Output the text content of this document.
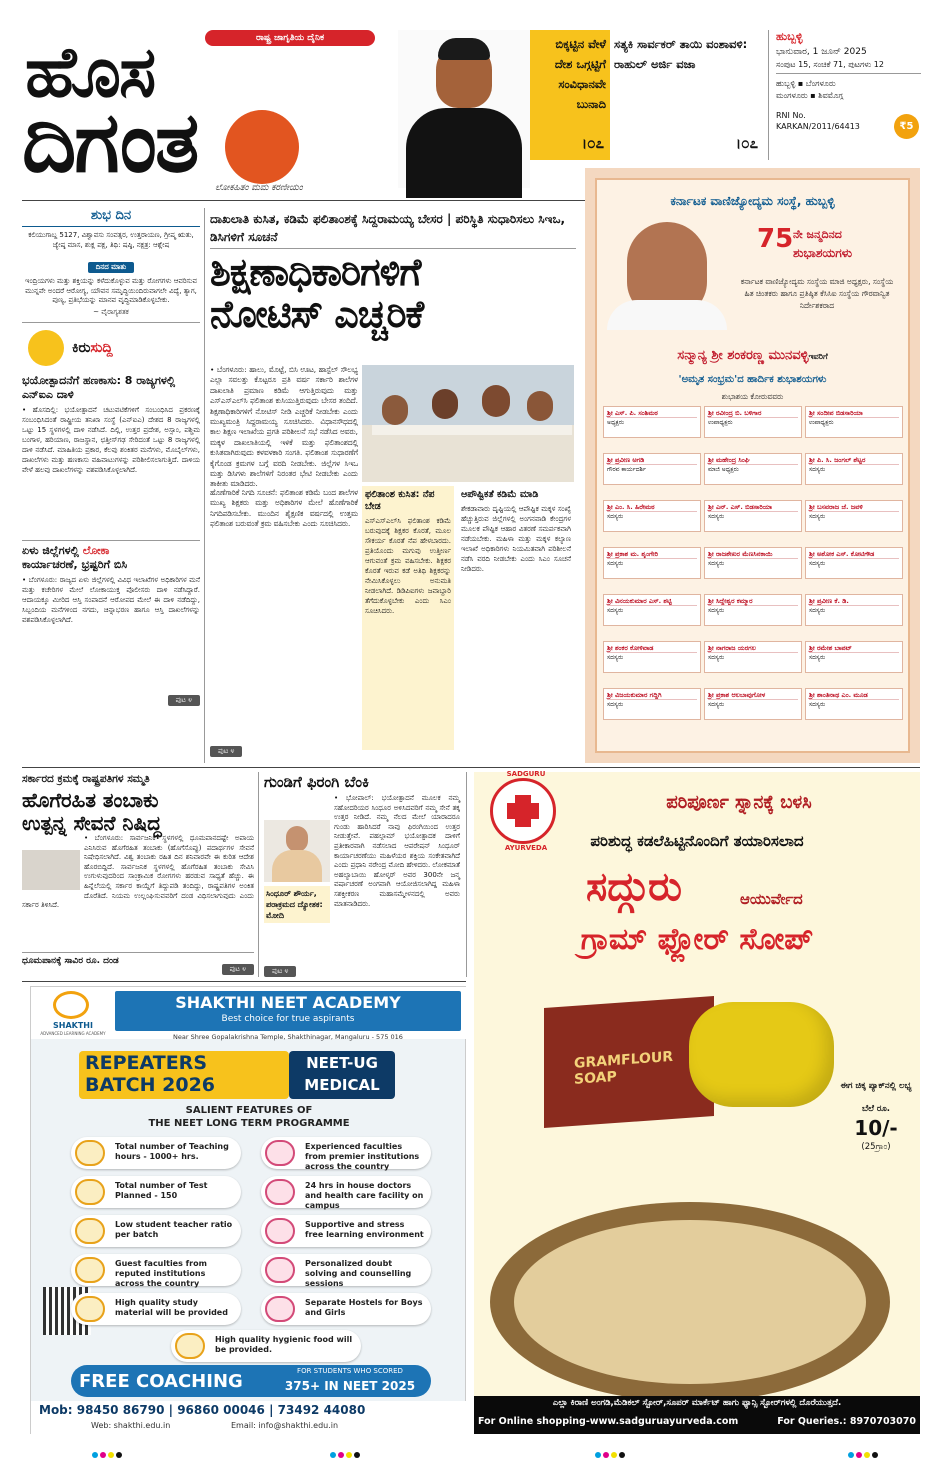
ರಾಷ್ಟ್ರ ಜಾಗೃತಿಯ ದೈನಿಕ
ಹೊಸ
ದಿಗಂತ ಲೋಕಹಿತಂ ಮಮ ಕರಣೀಯಂ
ಬಿಕ್ಕಟ್ಟಿನ ವೇಳೆ ದೇಶ ಒಗ್ಗಟ್ಟಿಗೆ ಸಂವಿಧಾನವೇ ಬುನಾದಿ
।೦೭
ಸತ್ಯಕಿ ಸಾರ್ವಕರ್ ತಾಯಿ ವಂಶಾವಳಿ: ರಾಹುಲ್ ಅರ್ಜಿ ವಜಾ
।೦೭
ಹುಬ್ಬಳ್ಳಿ
ಭಾನುವಾರ, 1 ಜೂನ್ 2025
ಸಂಪುಟ 15, ಸಂಚಿಕೆ 71, ಪುಟಗಳು 12
ಹುಬ್ಬಳ್ಳಿ ▪ ಬೆಂಗಳೂರು
ಮಂಗಳೂರು ▪ ಶಿವಮೊಗ್ಗ
₹5
RNI No. KARKAN/2011/64413
ಶುಭ ದಿನ
ಕಲಿಯುಗಾಬ್ದ 5127, ವಿಶ್ವಾವಸು ಸಂವತ್ಸರ, ಉತ್ತರಾಯಣ, ಗ್ರೀಷ್ಮ ಋತು, ಜ್ಯೇಷ್ಠ ಮಾಸ, ಶುಕ್ಲ ಪಕ್ಷ, ತಿಥಿ: ಷಷ್ಠಿ, ನಕ್ಷತ್ರ: ಆಶ್ಲೇಷ
ದಿನದ ಮಾತು
ಇಂದ್ರಿಯಗಳು ಮತ್ತು ಶಕ್ತಿಯನ್ನು ಕಳೆದುಕೊಳ್ಳುವ ಮತ್ತು ರೋಗಗಳು ಆವರಿಸುವ ಮುನ್ನವೇ ಅಂದರೆ ಆರೋಗ್ಯ, ಯೌವನ ಸಮೃದ್ಧಿಯಿಂದಿರುವಾಗಲೇ ವಿದ್ಯೆ, ತ್ಯಾಗ, ಪುಣ್ಯ, ಪ್ರತಿಭೆಯನ್ನು ಮಾನವ ವೃದ್ಧಿಮಾಡಿಕೊಳ್ಳಬೇಕು.
~ ವೈರಾಗ್ಯಶತಕ
ಕಿರುಸುದ್ದಿ
ಭಯೋತ್ಪಾದನೆಗೆ ಹಣಕಾಸು: 8 ರಾಜ್ಯಗಳಲ್ಲಿ ಎನ್‌ಐಎ ದಾಳಿ
• ಹೊಸದಿಲ್ಲಿ: ಭಯೋತ್ಪಾದನೆ ಚಟುವಟಿಕೆಗಳಿಗೆ ಸಂಬಂಧಿಸಿದ ಪ್ರಕರಣಕ್ಕೆ ಸಂಬಂಧಿಸಿದಂತೆ ರಾಷ್ಟ್ರೀಯ ತನಿಖಾ ಸಂಸ್ಥೆ (ಎನ್‌ಐಎ) ದೇಶದ 8 ರಾಜ್ಯಗಳಲ್ಲಿ ಒಟ್ಟು 15 ಸ್ಥಳಗಳಲ್ಲಿ ದಾಳಿ ನಡೆಸಿದೆ. ದಿಲ್ಲಿ, ಉತ್ತರ ಪ್ರದೇಶ, ಅಸ್ಸಾಂ, ಪಶ್ಚಿಮ ಬಂಗಾಳ, ಹರಿಯಾಣ, ರಾಜಸ್ಥಾನ, ಛತ್ತೀಸ್‌ಗಢ ಸೇರಿದಂತೆ ಒಟ್ಟು 8 ರಾಜ್ಯಗಳಲ್ಲಿ ದಾಳಿ ನಡೆಸಿದೆ. ಮಾಹಿತಿಯ ಪ್ರಕಾರ, ಕೆಲವು ಶಂಕಿತರ ಮನೆಗಳು, ಮೊಬೈಲ್‌ಗಳು, ದಾಖಲೆಗಳು ಮತ್ತು ಹಣಕಾಸು ವಹಿವಾಟುಗಳನ್ನು ಪರಿಶೀಲಿಸಲಾಗುತ್ತಿದೆ. ದಾಳಿಯ ವೇಳೆ ಹಲವು ದಾಖಲೆಗಳನ್ನು ವಶಪಡಿಸಿಕೊಳ್ಳಲಾಗಿದೆ.
ಏಳು ಜಿಲ್ಲೆಗಳಲ್ಲಿ ಲೋಕಾ
ಕಾರ್ಯಾಚರಣೆ, ಭ್ರಷ್ಟರಿಗೆ ಬಿಸಿ
• ಬೆಂಗಳೂರು: ರಾಜ್ಯದ ಏಳು ಜಿಲ್ಲೆಗಳಲ್ಲಿ ವಿವಿಧ ಇಲಾಖೆಗಳ ಅಧಿಕಾರಿಗಳ ಮನೆ ಮತ್ತು ಕಚೇರಿಗಳ ಮೇಲೆ ಲೋಕಾಯುಕ್ತ ಪೊಲೀಸರು ದಾಳಿ ನಡೆಸಿದ್ದಾರೆ. ಆದಾಯಕ್ಕೂ ಮೀರಿದ ಆಸ್ತಿ ಸಂಪಾದನೆ ಆರೋಪದ ಮೇಲೆ ಈ ದಾಳಿ ನಡೆದಿದ್ದು, ಸಿಬ್ಬಂದಿಯ ಮನೆಗಳಿಂದ ನಗದು, ಚಿನ್ನಾಭರಣ ಹಾಗೂ ಆಸ್ತಿ ದಾಖಲೆಗಳನ್ನು ವಶಪಡಿಸಿಕೊಳ್ಳಲಾಗಿದೆ.
ಪುಟ ೪
ದಾಖಲಾತಿ ಕುಸಿತ, ಕಡಿಮೆ ಫಲಿತಾಂಶಕ್ಕೆ ಸಿದ್ದರಾಮಯ್ಯ ಬೇಸರ | ಪರಿಸ್ಥಿತಿ ಸುಧಾರಿಸಲು ಸಿಇಒ, ಡಿಸಿಗಳಿಗೆ ಸೂಚನೆ
ಶಿಕ್ಷಣಾಧಿಕಾರಿಗಳಿಗೆ
ನೋಟಿಸ್ ಎಚ್ಚರಿಕೆ
• ಬೆಂಗಳೂರು: ಹಾಲು, ಮೊಟ್ಟೆ, ಬಿಸಿ ಊಟ, ಹಾಸ್ಟೆಲ್ ಸೌಲಭ್ಯ ಎಲ್ಲಾ ಸವಲತ್ತು ಕೊಟ್ಟರೂ ಪ್ರತಿ ವರ್ಷ ಸರ್ಕಾರಿ ಶಾಲೆಗಳ ದಾಖಲಾತಿ ಪ್ರಮಾಣ ಕಡಿಮೆ ಆಗುತ್ತಿರುವುದು ಮತ್ತು ಎಸ್‌ಎಸ್‌ಎಲ್‌ಸಿ ಫಲಿತಾಂಶ ಕುಸಿಯುತ್ತಿರುವುದು ಬೇಸರ ತಂದಿದೆ. ಶಿಕ್ಷಣಾಧಿಕಾರಿಗಳಿಗೆ ನೋಟಿಸ್ ನೀಡಿ ಎಚ್ಚರಿಕೆ ನೀಡಬೇಕು ಎಂದು ಮುಖ್ಯಮಂತ್ರಿ ಸಿದ್ದರಾಮಯ್ಯ ಸೂಚಿಸಿದರು. ವಿಧಾನಸೌಧದಲ್ಲಿ ಕಾಲ ಶಿಕ್ಷಣ ಇಲಾಖೆಯ ಪ್ರಗತಿ ಪರಿಶೀಲನೆ ಸಭೆ ನಡೆಸಿದ ಅವರು, ಮಕ್ಕಳ ದಾಖಲಾತಿಯಲ್ಲಿ ಇಳಿಕೆ ಮತ್ತು ಫಲಿತಾಂಶದಲ್ಲಿ ಕುಸಿತವಾಗಿರುವುದು ಕಳವಳಕಾರಿ ಸಂಗತಿ. ಫಲಿತಾಂಶ ಸುಧಾರಣೆಗೆ ಕೈಗೊಂಡ ಕ್ರಮಗಳ ಬಗ್ಗೆ ವರದಿ ನೀಡಬೇಕು. ಜಿಲ್ಲೆಗಳ ಸಿಇಒ ಮತ್ತು ಡಿಸಿಗಳು ಶಾಲೆಗಳಿಗೆ ನಿರಂತರ ಭೇಟಿ ನೀಡಬೇಕು ಎಂದು ತಾಕೀತು ಮಾಡಿದರು.
ಹೊಣೆಗಾರಿಕೆ ನಿಗದಿ ಸೂಚನೆ: ಫಲಿತಾಂಶ ಕಡಿಮೆ ಬಂದ ಶಾಲೆಗಳ ಮುಖ್ಯ ಶಿಕ್ಷಕರು ಮತ್ತು ಅಧಿಕಾರಿಗಳ ಮೇಲೆ ಹೊಣೆಗಾರಿಕೆ ನಿಗದಿಪಡಿಸಬೇಕು. ಮುಂದಿನ ಶೈಕ್ಷಣಿಕ ವರ್ಷದಲ್ಲಿ ಉತ್ತಮ ಫಲಿತಾಂಶ ಬರುವಂತೆ ಕ್ರಮ ವಹಿಸಬೇಕು ಎಂದು ಸೂಚಿಸಿದರು.
ಪುಟ ೪
ಫಲಿತಾಂಶ ಕುಸಿತ: ನೆಪ ಬೇಡ
ಎಸ್‌ಎಸ್‌ಎಲ್‌ಸಿ ಫಲಿತಾಂಶ ಕಡಿಮೆ ಬರುವುದಕ್ಕೆ ಶಿಕ್ಷಕರ ಕೊರತೆ, ಮೂಲ ಸೌಕರ್ಯ ಕೊರತೆ ನೆಪ ಹೇಳಬಾರದು. ಪ್ರತಿಯೊಂದು ಮಗುವು ಉತ್ತೀರ್ಣ ಆಗುವಂತೆ ಕ್ರಮ ವಹಿಸಬೇಕು. ಶಿಕ್ಷಕರ ಕೊರತೆ ಇರುವ ಕಡೆ ಅತಿಥಿ ಶಿಕ್ಷಕರನ್ನು ನೇಮಿಸಿಕೊಳ್ಳಲು ಅನುಮತಿ ನೀಡಲಾಗಿದೆ. ಡಿಡಿಪಿಐಗಳು ಜವಾಬ್ದಾರಿ ತೆಗೆದುಕೊಳ್ಳಬೇಕು ಎಂದು ಸಿಎಂ ಸೂಚಿಸಿದರು.
ಆಪೌಷ್ಟಿಕತೆ ಕಡಿಮೆ ಮಾಡಿ
ಶೇಕಡಾವಾರು ದೃಷ್ಟಿಯಲ್ಲಿ ಆಪೌಷ್ಟಿಕ ಮಕ್ಕಳ ಸಂಖ್ಯೆ ಹೆಚ್ಚುತ್ತಿರುವ ಜಿಲ್ಲೆಗಳಲ್ಲಿ ಅಂಗನವಾಡಿ ಕೇಂದ್ರಗಳ ಮೂಲಕ ಪೌಷ್ಟಿಕ ಆಹಾರ ವಿತರಣೆ ಸಮರ್ಪಕವಾಗಿ ನಡೆಯಬೇಕು. ಮಹಿಳಾ ಮತ್ತು ಮಕ್ಕಳ ಕಲ್ಯಾಣ ಇಲಾಖೆ ಅಧಿಕಾರಿಗಳು ನಿಯಮಿತವಾಗಿ ಪರಿಶೀಲನೆ ನಡೆಸಿ ವರದಿ ನೀಡಬೇಕು ಎಂದು ಸಿಎಂ ಸೂಚನೆ ನೀಡಿದರು.
ಕರ್ನಾಟಕ ವಾಣಿಜ್ಯೋದ್ಯಮ ಸಂಸ್ಥೆ, ಹುಬ್ಬಳ್ಳಿ
75 ನೇ ಜನ್ಮದಿನದ
ಶುಭಾಶಯಗಳು
ಕರ್ನಾಟಕ ವಾಣಿಜ್ಯೋದ್ಯಮ ಸಂಸ್ಥೆಯ ಮಾಜಿ ಅಧ್ಯಕ್ಷರು, ಸಂಸ್ಥೆಯ ಹಿತ ಚಿಂತಕರು ಹಾಗೂ ಪ್ರತಿಷ್ಠಿತ ಕೆಸಿಸಿಐ ಸಂಸ್ಥೆಯ ಗೌರವಾನ್ವಿತ ನಿರ್ದೇಶಕರಾದ
ಸನ್ಮಾನ್ಯ ಶ್ರೀ ಶಂಕರಣ್ಣ ಮುನವಳ್ಳಿಇವರಿಗೆ
'ಅಮೃತ ಸಂಭ್ರಮ'ದ ಹಾರ್ದಿಕ ಶುಭಾಶಯಗಳು
ಶುಭಾಶಯ ಕೋರುವವರು
ಶ್ರೀ ಎಸ್. ಪಿ. ಸಂಶಿಮಠ
ಅಧ್ಯಕ್ಷರು
ಶ್ರೀ ರವೀಂದ್ರ ಬಿ. ಬಳಿಗಾರ
ಉಪಾಧ್ಯಕ್ಷರು
ಶ್ರೀ ಸಂದೀಪ ಬಿಡಸಾರಿಯಾ
ಉಪಾಧ್ಯಕ್ಷರು
ಶ್ರೀ ಪ್ರವೀಣ ಅಗಡಿ
ಗೌರವ ಕಾರ್ಯದರ್ಶಿ
ಶ್ರೀ ಮಹೇಂದ್ರ ಸಿಂಘಿ
ಮಾಜಿ ಅಧ್ಯಕ್ಷರು
ಶ್ರೀ ಪಿ. ಸಿ. ಜಂಗಲ್ ಶೆಟ್ಟರ
ಸದಸ್ಯರು
ಶ್ರೀ ಎಂ. ಸಿ. ಹಿರೇಮಠ
ಸದಸ್ಯರು
ಶ್ರೀ ಎನ್. ಎಸ್. ಬಿಡಸಾರಿಯಾ
ಸದಸ್ಯರು
ಶ್ರೀ ಬಸವರಾಜ ಜೆ. ಜವಳಿ
ಸದಸ್ಯರು
ಶ್ರೀ ಪ್ರಕಾಶ ಮ. ಶೃಂಗೇರಿ
ಸದಸ್ಯರು
ಶ್ರೀ ರಾಜಶೇಖರ ಮೆಣಸಿನಕಾಯಿ
ಸದಸ್ಯರು
ಶ್ರೀ ಅಶೋಕ ಎಸ್. ಕೋಟಿಗೌಡ
ಸದಸ್ಯರು
ಶ್ರೀ ವಿನಯಕುಮಾರ ಎಸ್. ಶಟ್ಟಿ
ಸದಸ್ಯರು
ಶ್ರೀ ಸಿದ್ದೇಶ್ವರ ಕಮ್ಮಾರ
ಸದಸ್ಯರು
ಶ್ರೀ ಪ್ರವೀಣ ಕೆ. ಡಿ.
ಸದಸ್ಯರು
ಶ್ರೀ ಶಂಕರ ಕೋಳಿವಾಡ
ಸದಸ್ಯರು
ಶ್ರೀ ನಾಗರಾಜ ಯರಗಲ
ಸದಸ್ಯರು
ಶ್ರೀ ರಮೇಶ ಬಾಪಟ್
ಸದಸ್ಯರು
ಶ್ರೀ ವಿಜಯಕುಮಾರ ಗದ್ದಿಗಿ
ಸದಸ್ಯರು
ಶ್ರೀ ಪ್ರಕಾಶ ಆಲಬಾವುಗೋಳ
ಸದಸ್ಯರು
ಶ್ರೀ ಶಾಂತಿನಾಥ ಎಂ. ಮೂಡ
ಸದಸ್ಯರು
ಸರ್ಕಾರದ ಕ್ರಮಕ್ಕೆ ರಾಷ್ಟ್ರಪತಿಗಳ ಸಮ್ಮತಿ
ಹೊಗೆರಹಿತ ತಂಬಾಕು
ಉತ್ಪನ್ನ ಸೇವನೆ ನಿಷಿದ್ಧ
• ಬೆಂಗಳೂರು: ಸಾರ್ವಜನಿಕ ಸ್ಥಳಗಳಲ್ಲಿ ಧೂಮಪಾನದಷ್ಟೇ ಅಪಾಯ ಎನಿಸಿರುವ ಹೊಗೆರಹಿತ ತಂಬಾಕು (ಹೊಗೆಸೊಪ್ಪು) ಪದಾರ್ಥಗಳ ಸೇವನೆ ನಿಷೇಧಿಸಲಾಗಿದೆ. ವಿಶ್ವ ತಂಬಾಕು ರಹಿತ ದಿನ ಶನಿವಾರವೇ ಈ ಕುರಿತ ಆದೇಶ ಹೊರಬಿದ್ದಿದೆ. ಸಾರ್ವಜನಿಕ ಸ್ಥಳಗಳಲ್ಲಿ ಹೊಗೆರಹಿತ ತಂಬಾಕು ಸೇವಿಸಿ ಉಗುಳುವುದರಿಂದ ಸಾಂಕ್ರಾಮಿಕ ರೋಗಗಳು ಹರಡುವ ಸಾಧ್ಯತೆ ಹೆಚ್ಚು. ಈ ಹಿನ್ನೆಲೆಯಲ್ಲಿ ಸರ್ಕಾರ ಕಾಯ್ದೆಗೆ ತಿದ್ದುಪಡಿ ತಂದಿದ್ದು, ರಾಷ್ಟ್ರಪತಿಗಳ ಅಂಕಿತ ದೊರೆತಿದೆ. ನಿಯಮ ಉಲ್ಲಂಘಿಸುವವರಿಗೆ ದಂಡ ವಿಧಿಸಲಾಗುವುದು ಎಂದು ಸರ್ಕಾರ ತಿಳಿಸಿದೆ.
ಧೂಮಪಾನಕ್ಕೆ ಸಾವಿರ ರೂ. ದಂಡ
ಪುಟ ೪
ಗುಂಡಿಗೆ ಫಿರಂಗಿ ಬೆಂಕಿ
• ಭೋಪಾಲ್: ಭಯೋತ್ಪಾದನೆ ಮೂಲಕ ನಮ್ಮ ಸಹೋದರಿಯರ ಸಿಂಧೂರ ಅಳಿಸಿದವರಿಗೆ ನಮ್ಮ ಸೇನೆ ತಕ್ಕ ಉತ್ತರ ನೀಡಿದೆ. ನಮ್ಮ ನೆಲದ ಮೇಲೆ ಯಾರಾದರೂ ಗುಂಡು ಹಾರಿಸಿದರೆ ನಾವು ಫಿರಂಗಿಯಿಂದ ಉತ್ತರ ನೀಡುತ್ತೇವೆ. ಪಹಲ್ಗಾಮ್ ಭಯೋತ್ಪಾದಕ ದಾಳಿಗೆ ಪ್ರತೀಕಾರವಾಗಿ ನಡೆಸಲಾದ ಆಪರೇಷನ್ ಸಿಂಧೂರ್ ಕಾರ್ಯಾಚರಣೆಯು ಮಹಿಳೆಯರ ಶಕ್ತಿಯ ಸಂಕೇತವಾಗಿದೆ ಎಂದು ಪ್ರಧಾನಿ ನರೇಂದ್ರ ಮೋದಿ ಹೇಳಿದರು. ಲೋಕಮಾತೆ ಅಹಲ್ಯಾಬಾಯಿ ಹೋಳ್ಕರ್ ಅವರ 300ನೇ ಜನ್ಮ ವರ್ಷಾಚರಣೆ ಅಂಗವಾಗಿ ಆಯೋಜಿಸಲಾಗಿದ್ದ ಮಹಿಳಾ ಸಶಕ್ತೀಕರಣ ಮಹಾಸಮ್ಮೇಳನದಲ್ಲಿ ಅವರು ಮಾತನಾಡಿದರು.
ಸಿಂಧೂರ್ ಶೌರ್ಯ, ಪರಾಕ್ರಮದ ದ್ಯೋತಕ: ಮೋದಿ
ಪುಟ ೪
SADGURU
AYURVEDA
ಪರಿಪೂರ್ಣ ಸ್ನಾನಕ್ಕೆ ಬಳಸಿ
ಪರಿಶುದ್ಧ ಕಡಲೆಹಿಟ್ಟಿನೊಂದಿಗೆ ತಯಾರಿಸಲಾದ
ಸದ್ಗುರು	ಆಯುರ್ವೇದ
ಗ್ರಾಮ್ ಫ್ಲೋರ್ ಸೋಪ್
GRAMFLOUR SOAP	ಈಗ ಚಿಕ್ಕ ಪ್ಯಾಕ್‌ನಲ್ಲಿ ಲಭ್ಯ
ಬೆಲೆ ರೂ.
10/-
(25ಗ್ರಾಂ)
ಎಲ್ಲಾ ಕಿರಾಣಿ ಅಂಗಡಿ,ಮೆಡಿಕಲ್ ಸ್ಟೋರ್,ಸೂಪರ್ ಮಾರ್ಕೆಟ್ ಹಾಗು ಫ್ಯಾನ್ಸಿ ಸ್ಟೋರ್‌ಗಳಲ್ಲಿ ದೊರೆಯುತ್ತದೆ.
For Online shopping-www.sadguruayurveda.com	For Queries.: 8970703070
SHAKTHI
ADVANCED LEARNING ACADEMY
SHAKTHI NEET ACADEMY
Best choice for true aspirants
Near Shree Gopalakrishna Temple, Shakthinagar, Mangaluru - 575 016
REPEATERS
BATCH 2026
NEET-UG
MEDICAL
SALIENT FEATURES OF
THE NEET LONG TERM PROGRAMME
High quality hygienic food will be provided.
FREE COACHING	FOR STUDENTS WHO SCORED
375+ IN NEET 2025
Mob: 98450 86790 | 96860 00046 | 73492 44080
Web: shakthi.edu.in	Email: info@shakthi.edu.in
Total number of Teaching hours - 1000+ hrs.
Total number of Test Planned - 150
Low student teacher ratio per batch
Guest faculties from reputed institutions across the country
High quality study material will be provided
Experienced faculties from premier institutions across the country
24 hrs in house doctors and health care facility on campus
Supportive and stress free learning environment
Personalized doubt solving and counselling sessions
Separate Hostels for Boys and Girls
